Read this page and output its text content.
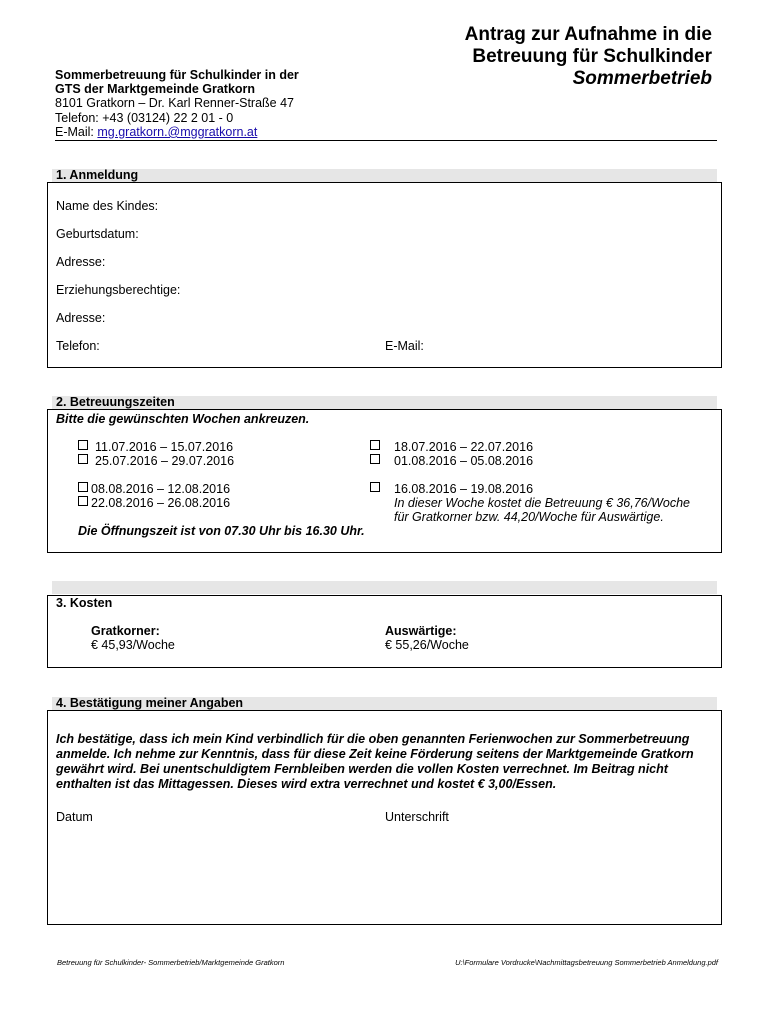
Antrag zur Aufnahme in die
Betreuung für Schulkinder
Sommerbetrieb
Sommerbetreuung für Schulkinder in der
GTS der Marktgemeinde Gratkorn
8101 Gratkorn – Dr. Karl Renner-Straße 47
Telefon: +43 (03124) 22 2 01 - 0
E-Mail: mg.gratkorn.@mggratkorn.at
1. Anmeldung
Name des Kindes:
Geburtsdatum:
Adresse:
Erziehungsberechtige:
Adresse:
Telefon:	E-Mail:
2. Betreuungszeiten
Bitte die gewünschten Wochen ankreuzen.
11.07.2016 – 15.07.2016
25.07.2016 – 29.07.2016
18.07.2016 – 22.07.2016
01.08.2016 – 05.08.2016
08.08.2016 – 12.08.2016
22.08.2016 – 26.08.2016
16.08.2016 – 19.08.2016
In dieser Woche kostet die Betreuung € 36,76/Woche
für Gratkorner bzw. 44,20/Woche für Auswärtige.
Die Öffnungszeit ist von 07.30 Uhr bis 16.30 Uhr.
3. Kosten
Gratkorner:
€ 45,93/Woche
Auswärtige:
€ 55,26/Woche
4. Bestätigung meiner Angaben
Ich bestätige, dass ich mein Kind verbindlich für die oben genannten Ferienwochen zur Sommerbetreuung anmelde. Ich nehme zur Kenntnis, dass für diese Zeit keine Förderung seitens der Marktgemeinde Gratkorn gewährt wird. Bei unentschuldigtem Fernbleiben werden die vollen Kosten verrechnet. Im Beitrag nicht enthalten ist das Mittagessen. Dieses wird extra verrechnet und kostet € 3,00/Essen.
Datum	Unterschrift
Betreuung für Schulkinder- Sommerbetrieb/Marktgemeinde Gratkorn	U:\Formulare Vordrucke\Nachmittagsbetreuung Sommerbetrieb Anmeldung.pdf
